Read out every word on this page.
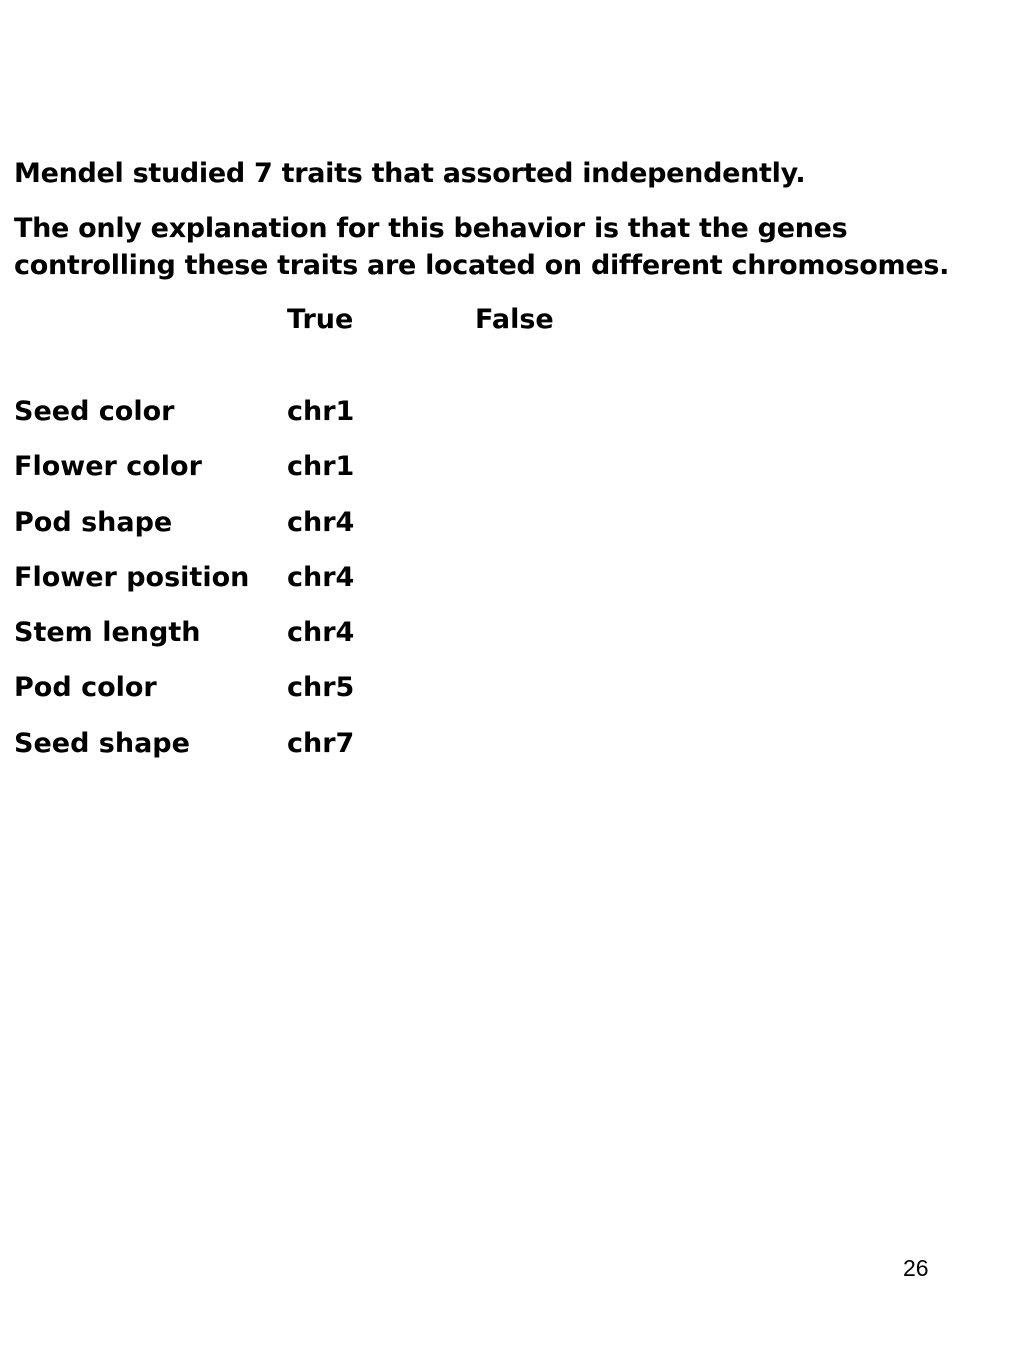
Mendel studied 7 traits that assorted independently.
The only explanation for this behavior is that the genes
controlling these traits are located on different chromosomes.
True	False
Seed color	chr1
Flower color	chr1
Pod shape	chr4
Flower position chr4
Stem length	chr4
Pod color	chr5
Seed shape	chr7
26
